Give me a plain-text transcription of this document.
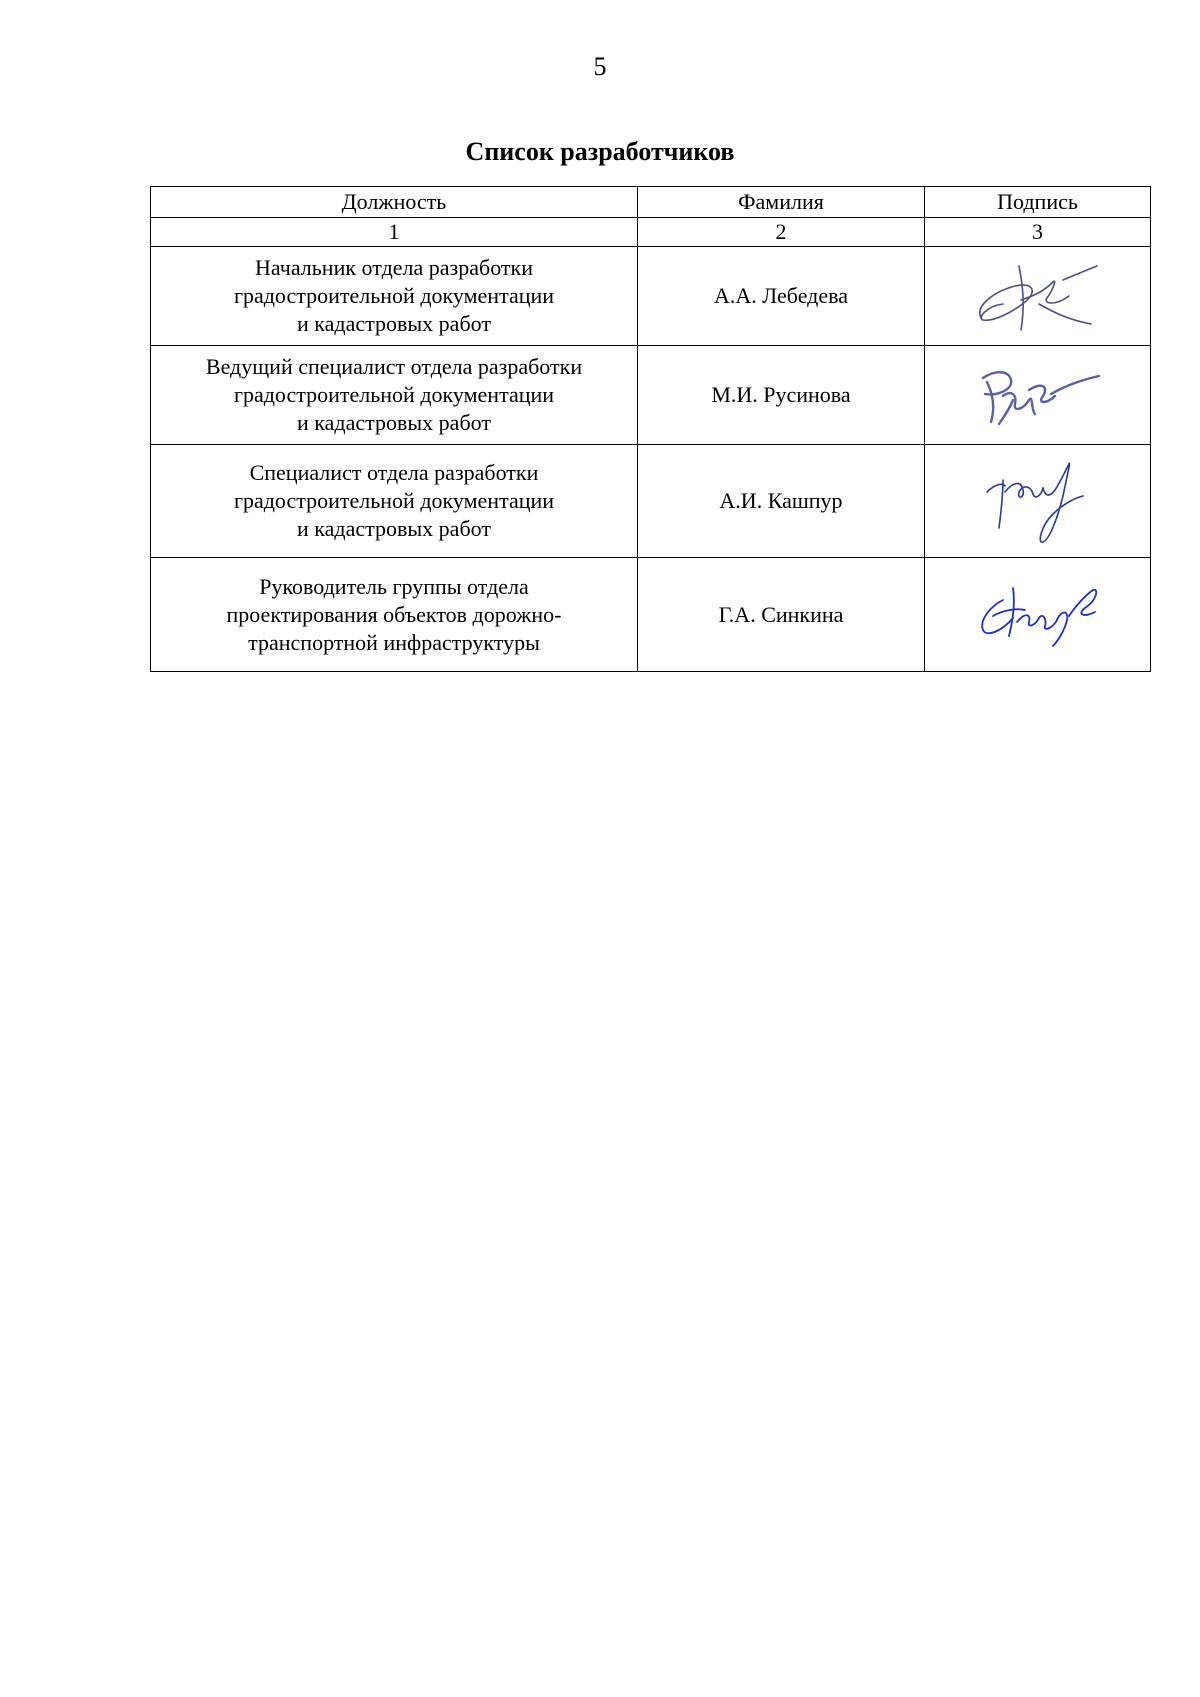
5
Список разработчиков
Должность	Фамилия	Подпись
1	2	3

Начальник отдела разработки
градостроительной документации
и кадастровых работ	А.А. Лебедева	

Ведущий специалист отдела разработки
градостроительной документации
и кадастровых работ	М.И. Русинова	

Специалист отдела разработки
градостроительной документации
и кадастровых работ	А.И. Кашпур	

Руководитель группы отдела
проектирования объектов дорожно-
транспортной инфраструктуры	Г.А. Синкина	
